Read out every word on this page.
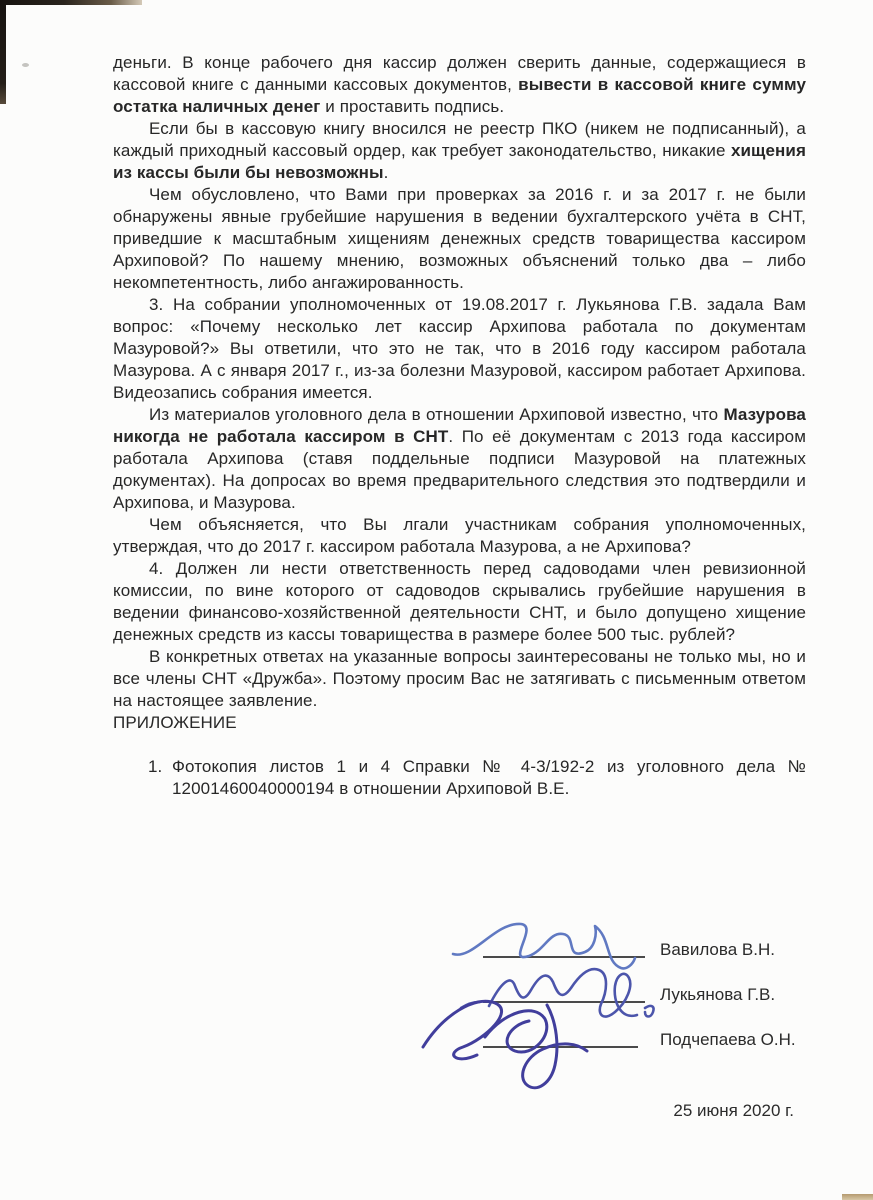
деньги. В конце рабочего дня кассир должен сверить данные, содержащиеся в кассовой книге с данными кассовых документов, вывести в кассовой книге сумму остатка наличных денег и проставить подпись.

Если бы в кассовую книгу вносился не реестр ПКО (никем не подписанный), а каждый приходный кассовый ордер, как требует законодательство, никакие хищения из кассы были бы невозможны.

Чем обусловлено, что Вами при проверках за 2016 г. и за 2017 г. не были обнаружены явные грубейшие нарушения в ведении бухгалтерского учёта в СНТ, приведшие к масштабным хищениям денежных средств товарищества кассиром Архиповой? По нашему мнению, возможных объяснений только два – либо некомпетентность, либо ангажированность.

3. На собрании уполномоченных от 19.08.2017 г. Лукьянова Г.В. задала Вам вопрос: «Почему несколько лет кассир Архипова работала по документам Мазуровой?» Вы ответили, что это не так, что в 2016 году кассиром работала Мазурова. А с января 2017 г., из-за болезни Мазуровой, кассиром работает Архипова. Видеозапись собрания имеется.

Из материалов уголовного дела в отношении Архиповой известно, что Мазурова никогда не работала кассиром в СНТ. По её документам с 2013 года кассиром работала Архипова (ставя поддельные подписи Мазуровой на платежных документах). На допросах во время предварительного следствия это подтвердили и Архипова, и Мазурова.

Чем объясняется, что Вы лгали участникам собрания уполномоченных, утверждая, что до 2017 г. кассиром работала Мазурова, а не Архипова?

4. Должен ли нести ответственность перед садоводами член ревизионной комиссии, по вине которого от садоводов скрывались грубейшие нарушения в ведении финансово-хозяйственной деятельности СНТ, и было допущено хищение денежных средств из кассы товарищества в размере более 500 тыс. рублей?

В конкретных ответах на указанные вопросы заинтересованы не только мы, но и все члены СНТ «Дружба». Поэтому просим Вас не затягивать с письменным ответом на настоящее заявление.

ПРИЛОЖЕНИЕ

1. Фотокопия листов 1 и 4 Справки № 4-3/192-2 из уголовного дела № 12001460040000194 в отношении Архиповой В.Е.
Вавилова В.Н.
Лукьянова Г.В.
Подчепаева О.Н.
25 июня 2020 г.
